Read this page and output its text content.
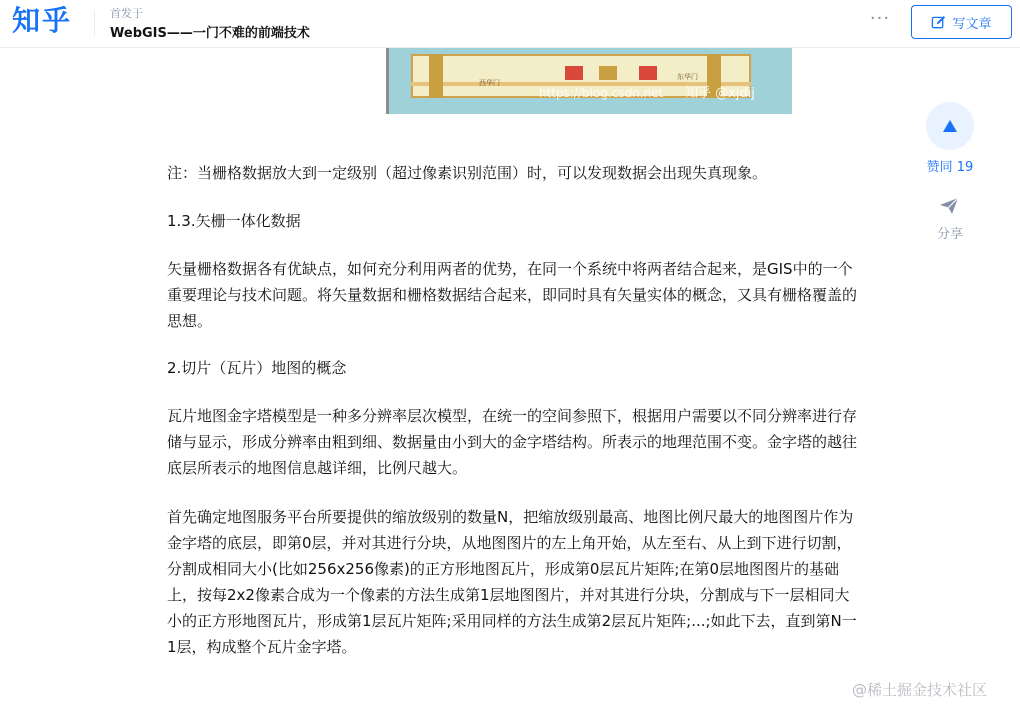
知乎	首发于
WebGIS——一门不难的前端技术
···	写文章
西华门
东华门
https://blog.csdn.net 知乎 @xjdij

注：当栅格数据放大到一定级别（超过像素识别范围）时，可以发现数据会出现失真现象。

1.3.矢栅一体化数据

矢量栅格数据各有优缺点，如何充分利用两者的优势，在同一个系统中将两者结合起来，是GIS中的一个重要理论与技术问题。将矢量数据和栅格数据结合起来，即同时具有矢量实体的概念，又具有栅格覆盖的思想。

2.切片（瓦片）地图的概念

瓦片地图金字塔模型是一种多分辨率层次模型，在统一的空间参照下，根据用户需要以不同分辨率进行存储与显示，形成分辨率由粗到细、数据量由小到大的金字塔结构。所表示的地理范围不变。金字塔的越往底层所表示的地图信息越详细，比例尺越大。

首先确定地图服务平台所要提供的缩放级别的数量N，把缩放级别最高、地图比例尺最大的地图图片作为金字塔的底层，即第0层，并对其进行分块，从地图图片的左上角开始，从左至右、从上到下进行切割，分割成相同大小(比如256x256像素)的正方形地图瓦片，形成第0层瓦片矩阵;在第0层地图图片的基础上，按每2x2像素合成为一个像素的方法生成第1层地图图片，并对其进行分块，分割成与下一层相同大小的正方形地图瓦片，形成第1层瓦片矩阵;采用同样的方法生成第2层瓦片矩阵;...;如此下去，直到第N一1层，构成整个瓦片金字塔。

赞同 19
分享
@稀土掘金技术社区
